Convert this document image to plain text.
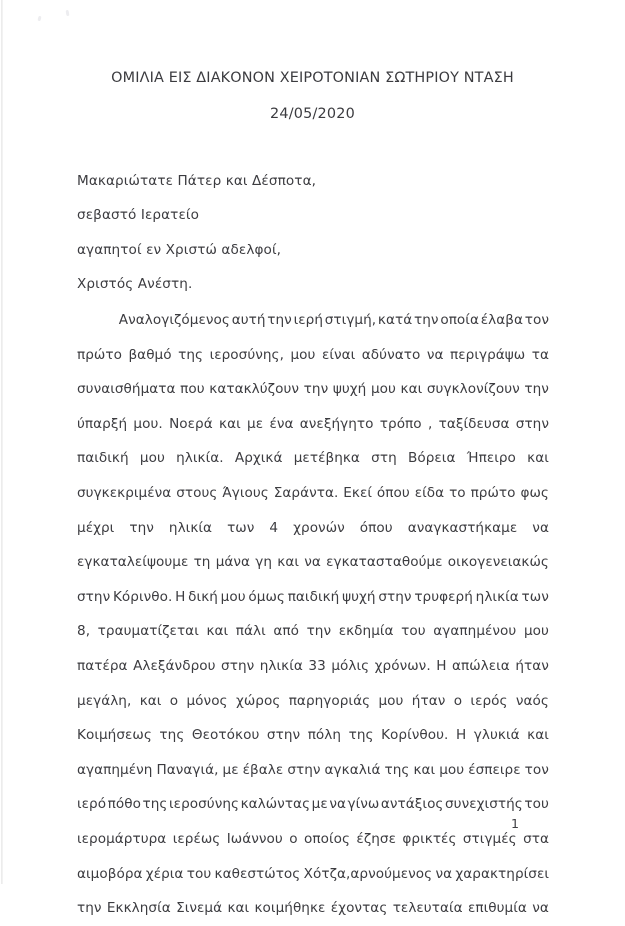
ΟΜΙΛΙΑ ΕΙΣ ΔΙΑΚΟΝΟΝ ΧΕΙΡΟΤΟΝΙΑΝ ΣΩΤΗΡΙΟΥ ΝΤΑΣΗ
24/05/2020
Μακαριώτατε Πάτερ και Δέσποτα,
σεβαστό Ιερατείο
αγαπητοί εν Χριστώ αδελφοί,
Χριστός Ανέστη.
Αναλογιζόμενος αυτή την ιερή στιγμή, κατά την οποία έλαβα τον
πρώτο βαθμό της ιεροσύνης, μου είναι αδύνατο να περιγράψω τα
συναισθήματα που κατακλύζουν την ψυχή μου και συγκλονίζουν την
ύπαρξή μου. Νοερά και με ένα ανεξήγητο τρόπο , ταξίδευσα στην
παιδική μου ηλικία. Αρχικά μετέβηκα στη Βόρεια Ήπειρο και
συγκεκριμένα στους Άγιους Σαράντα. Εκεί όπου είδα το πρώτο φως
μέχρι την ηλικία των 4 χρονών όπου αναγκαστήκαμε να
εγκαταλείψουμε τη μάνα γη και να εγκατασταθούμε οικογενειακώς
στην Κόρινθο. Η δική μου όμως παιδική ψυχή στην τρυφερή ηλικία των
8, τραυματίζεται και πάλι από την εκδημία του αγαπημένου μου
πατέρα Αλεξάνδρου στην ηλικία 33 μόλις χρόνων. Η απώλεια ήταν
μεγάλη, και ο μόνος χώρος παρηγοριάς μου ήταν ο ιερός ναός
Κοιμήσεως της Θεοτόκου στην πόλη της Κορίνθου. Η γλυκιά και
αγαπημένη Παναγιά, με έβαλε στην αγκαλιά της και μου έσπειρε τον
ιερό πόθο της ιεροσύνης καλώντας με να γίνω αντάξιος συνεχιστής του
ιερομάρτυρα ιερέως Ιωάννου ο οποίος έζησε φρικτές στιγμές στα
αιμοβόρα χέρια του καθεστώτος Χότζα,αρνούμενος να χαρακτηρίσει
την Εκκλησία Σινεμά και κοιμήθηκε έχοντας τελευταία επιθυμία να
1
